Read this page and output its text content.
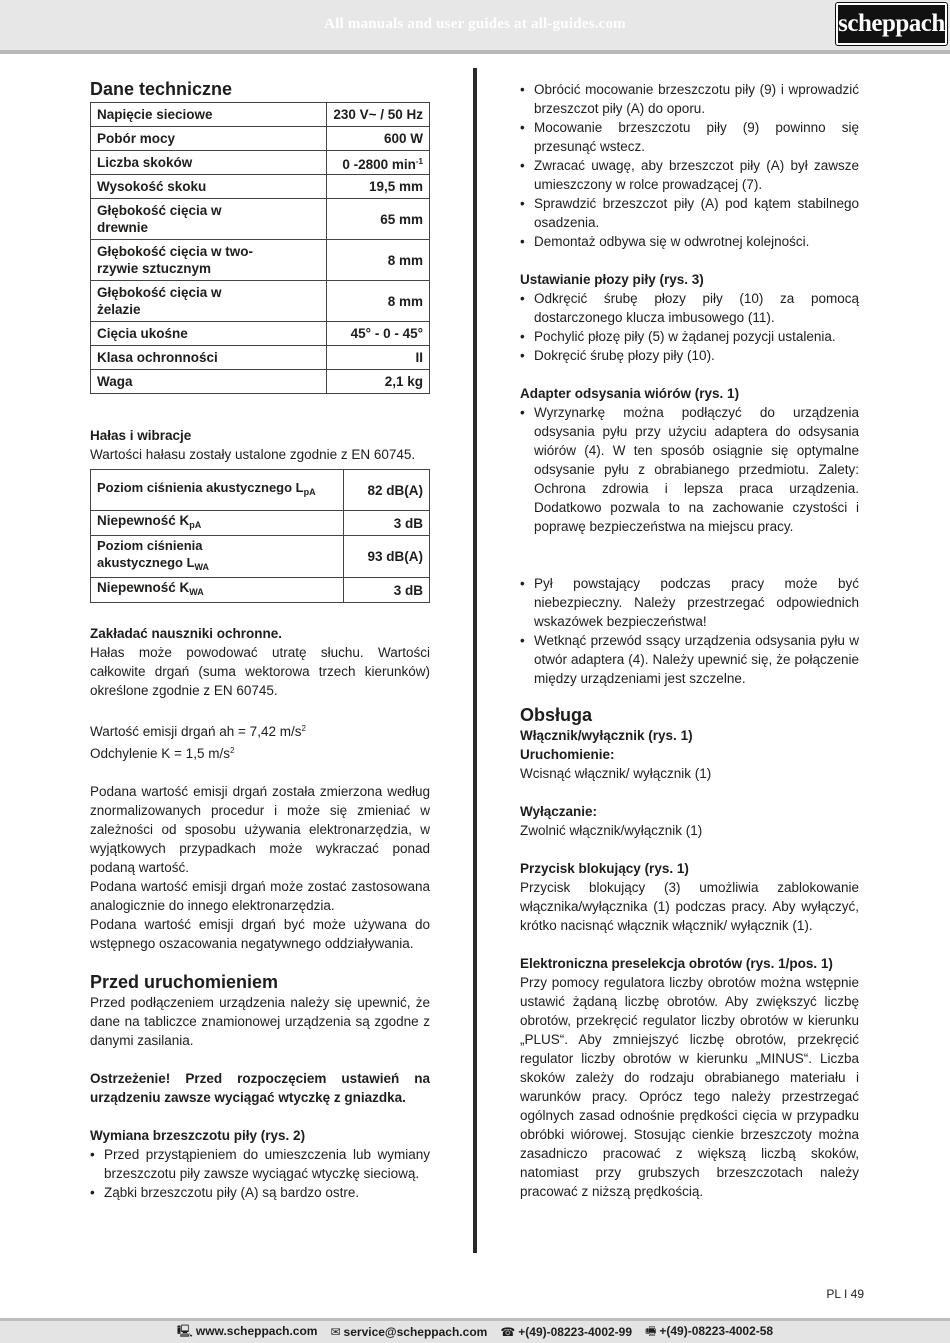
All manuals and user guides at all-guides.com	scheppach
Dane techniczne
Napięcie sieciowe	230 V~ / 50 Hz
Pobór mocy	600 W
Liczba skoków	0 -2800 $\min^{-1}$
Wysokość skoku	19,5 mm
Głębokość cięcia w drewnie	65 mm
Głębokość cięcia w two-rzywie sztucznym	8 mm
Głębokość cięcia w żelazie	8 mm
Cięcia ukośne	45° - 0 - 45°
Klasa ochronności	II
Waga	2,1 kg

Hałas i wibracje

Wartości hałasu zostały ustalone zgodnie z EN 60745.

Poziom ciśnienia akustycznego $L_{pA}$	82 dB(A)
Niepewność $K_{pA}$	3 dB
Poziom ciśnienia akustycznego $L_{WA}$	93 dB(A)
Niepewność $K_{WA}$	3 dB

Zakładać nauszniki ochronne.

Hałas może powodować utratę słuchu. Wartości całkowite drgań (suma wektorowa trzech kierunków) określone zgodnie z EN 60745.

Wartość emisji drgań ah = 7,42 $m/s^2$

Odchylenie K = 1,5 $m/s^2$

Podana wartość emisji drgań została zmierzona według znormalizowanych procedur i może się zmieniać w zależności od sposobu używania elektronarzędzia, w wyjątkowych przypadkach może wykraczać ponad podaną wartość.

Podana wartość emisji drgań może zostać zastosowana analogicznie do innego elektronarzędzia.

Podana wartość emisji drgań być może używana do wstępnego oszacowania negatywnego oddziaływania.

Przed uruchomieniem

Przed podłączeniem urządzenia należy się upewnić, że dane na tabliczce znamionowej urządzenia są zgodne z danymi zasilania.

Ostrzeżenie! Przed rozpoczęciem ustawień na urządzeniu zawsze wyciągać wtyczkę z gniazdka.

Wymiana brzeszczotu piły (rys. 2)

• Przed przystąpieniem do umieszczenia lub wymiany brzeszczotu piły zawsze wyciągać wtyczkę sieciową.
• Ząbki brzeszczotu piły (A) są bardzo ostre.
• Obrócić mocowanie brzeszczotu piły (9) i wprowadzić brzeszczot piły (A) do oporu.
• Mocowanie brzeszczotu piły (9) powinno się przesunąć wstecz.
• Zwracać uwagę, aby brzeszczot piły (A) był zawsze umieszczony w rolce prowadzącej (7).
• Sprawdzić brzeszczot piły (A) pod kątem stabilnego osadzenia.
• Demontaż odbywa się w odwrotnej kolejności.

Ustawianie płozy piły (rys. 3)

• Odkręcić śrubę płozy piły (10) za pomocą dostarczonego klucza imbusowego (11).
• Pochylić płozę piły (5) w żądanej pozycji ustalenia.
• Dokręcić śrubę płozy piły (10).

Adapter odsysania wiórów (rys. 1)

• Wyrzynarkę można podłączyć do urządzenia odsysania pyłu przy użyciu adaptera do odsysania wiórów (4). W ten sposób osiągnie się optymalne odsysanie pyłu z obrabianego przedmiotu. Zalety: Ochrona zdrowia i lepsza praca urządzenia. Dodatkowo pozwala to na zachowanie czystości i poprawę bezpieczeństwa na miejscu pracy.
• Pył powstający podczas pracy może być niebezpieczny. Należy przestrzegać odpowiednich wskazówek bezpieczeństwa!
• Wetknąć przewód ssący urządzenia odsysania pyłu w otwór adaptera (4). Należy upewnić się, że połączenie między urządzeniami jest szczelne.
Obsługa

Włącznik/wyłącznik (rys. 1)

Uruchomienie:

Wcisnąć włącznik/ wyłącznik (1)

Wyłączanie:

Zwolnić włącznik/wyłącznik (1)

Przycisk blokujący (rys. 1)

Przycisk blokujący (3) umożliwia zablokowanie włącznika/wyłącznika (1) podczas pracy. Aby wyłączyć, krótko nacisnąć włącznik włącznik/ wyłącznik (1).

Elektroniczna preselekcja obrotów (rys. 1/pos. 1)

Przy pomocy regulatora liczby obrotów można wstępnie ustawić żądaną liczbę obrotów. Aby zwiększyć liczbę obrotów, przekręcić regulator liczby obrotów w kierunku „PLUS“. Aby zmniejszyć liczbę obrotów, przekręcić regulator liczby obrotów w kierunku „MINUS“. Liczba skoków zależy do rodzaju obrabianego materiału i warunków pracy. Oprócz tego należy przestrzegać ogólnych zasad odnośnie prędkości cięcia w przypadku obróbki wiórowej. Stosując cienkie brzeszczoty można zasadniczo pracować z większą liczbą skoków, natomiast przy grubszych brzeszczotach należy pracować z niższą prędkością.

PL I 49
🖳 www.scheppach.com ✉ service@scheppach.com ☎ +(49)-08223-4002-99 🖷 +(49)-08223-4002-58
